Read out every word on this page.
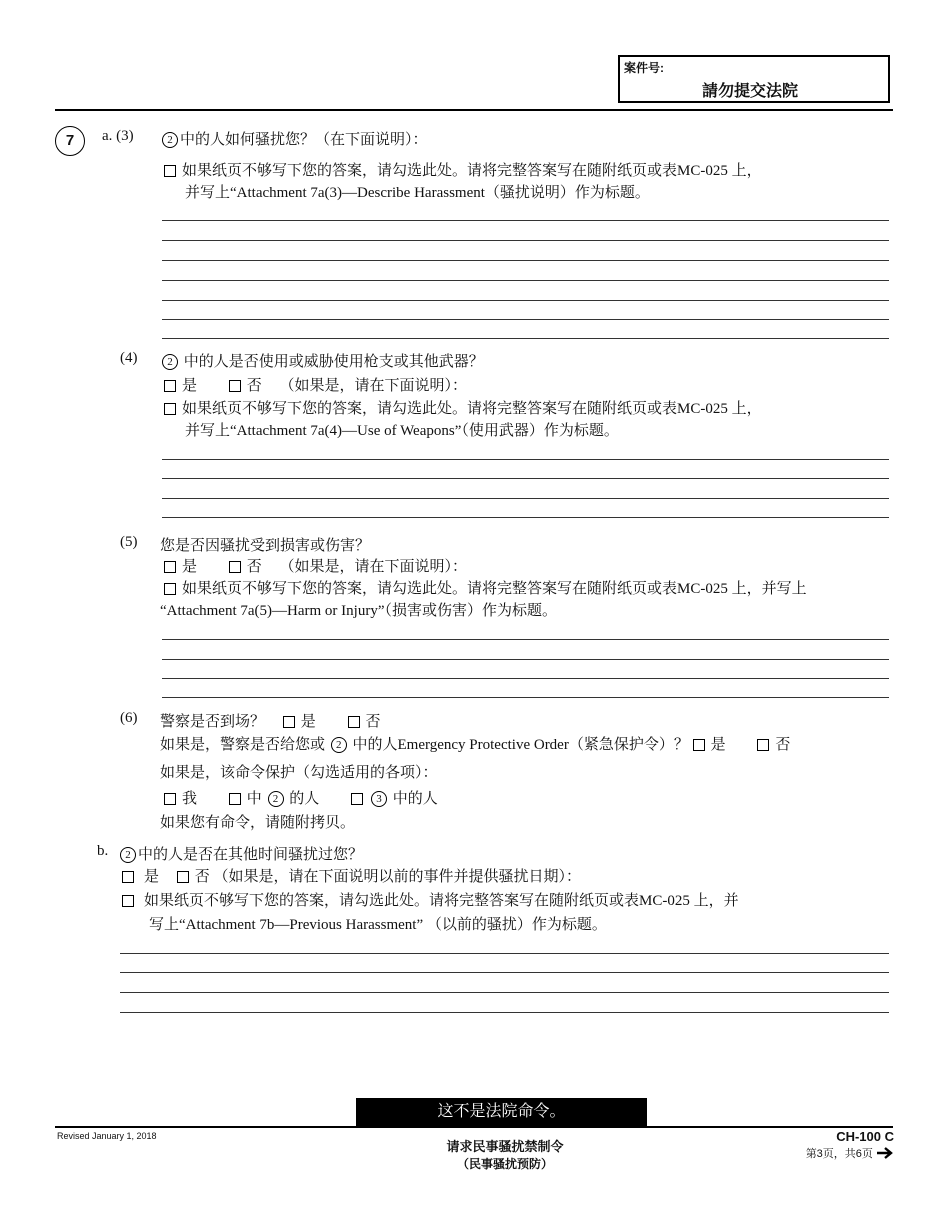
案件号:
請勿提交法院
7	a. (3)	2 中的人如何骚扰您？（在下面说明）：
如果纸页不够写下您的答案，请勾选此处。请将完整答案写在随附纸页或表MC-025 上，
并写上“Attachment 7a(3)—Describe Harassment（骚扰说明）作为标题。
(4)	2 中的人是否使用或威胁使用枪支或其他武器？
是	否 （如果是，请在下面说明）：
如果纸页不够写下您的答案，请勾选此处。请将完整答案写在随附纸页或表MC-025 上，
并写上“Attachment 7a(4)—Use of Weapons”（使用武器）作为标题。
(5) 您是否因骚扰受到损害或伤害？
是	否 （如果是，请在下面说明）：
如果纸页不够写下您的答案，请勾选此处。请将完整答案写在随附纸页或表MC-025 上，并写上
“Attachment 7a(5)—Harm or Injury”（损害或伤害）作为标题。
(6) 警察是否到场？ 是	否
如果是，警察是否给您或 2 中的人Emergency Protective Order（紧急保护令）？ 是	否
如果是，该命令保护（勾选适用的各项）：
我	中 2 的人	3 中的人
如果您有命令，请随附拷贝。
b.	2 中的人是否在其他时间骚扰过您？
是 否 （如果是，请在下面说明以前的事件并提供骚扰日期）：
如果纸页不够写下您的答案，请勾选此处。请将完整答案写在随附纸页或表MC-025 上，并
写上“Attachment 7b—Previous Harassment” （以前的骚扰）作为标题。
这不是法院命令。
Revised January 1, 2018
请求民事骚扰禁制令
（民事骚扰预防）
CH-100 C
第3页，共6页
